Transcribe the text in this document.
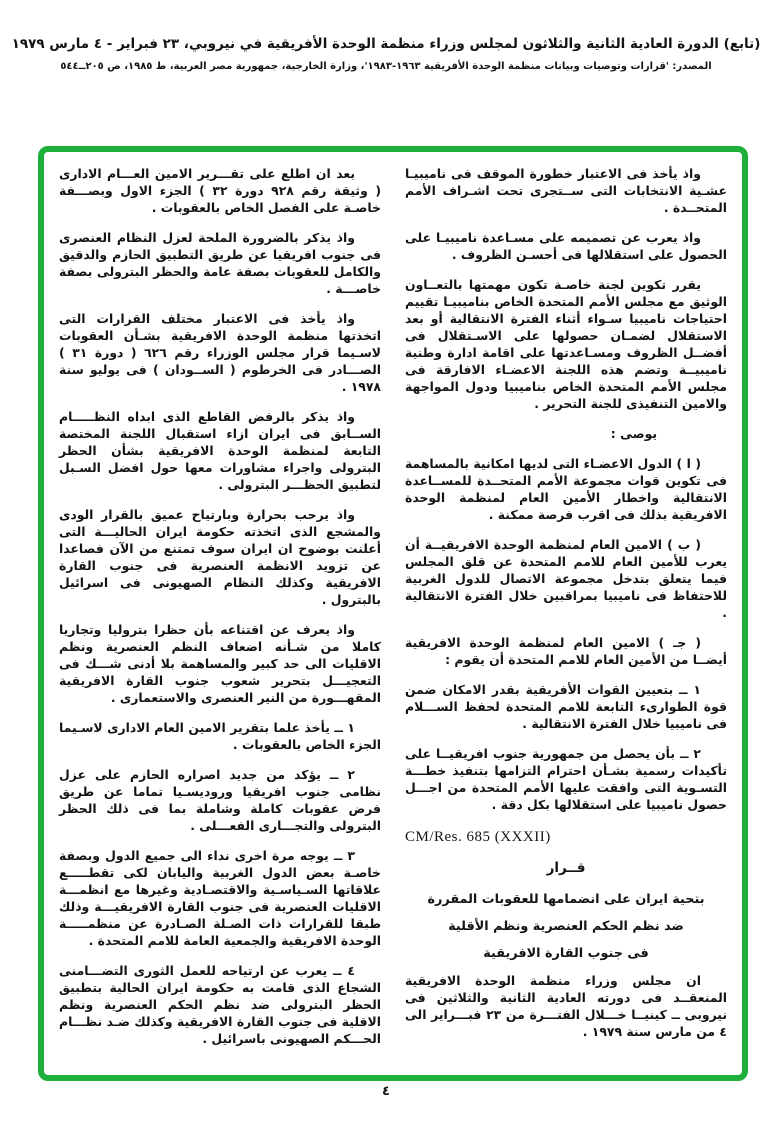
(تابع) الدورة العادية الثانية والثلاثون لمجلس وزراء منظمة الوحدة الأفريقية في نيروبي، ٢٣ فبراير - ٤ مارس ١٩٧٩
المصدر: 'قرارات وتوصيات وبيانات منظمة الوحدة الأفريقية ١٩٦٣-١٩٨٣'، وزارة الخارجية، جمهورية مصر العربية، ط ١٩٨٥، ص ٢٠٥ــ٥٤٤

واذ يأخذ فى الاعتبار خطورة الموقف فى ناميبيـا عشـية الانتخابات التى ســتجرى تحت اشـراف الأمم المتحــدة .

واذ يعرب عن تصميمه على مسـاعدة ناميبيـا على الحصول على استقلالها فى أحسـن الظروف .

يقرر تكوين لجنة خاصـة تكون مهمتها بالتعــاون الوثيق مع مجلس الأمم المتحدة الخاص بناميبيـا تقييم احتياجات ناميبيا سـواء أثناء الفترة الانتقالية أو بعد الاستقلال لضمـان حصولها على الاسـتقلال فى أفضــل الظروف ومسـاعدتها على اقامة ادارة وطنية ناميبيــة وتضم هذه اللجنة الاعضـاء الافارقة فى مجلس الأمم المتحدة الخاص بناميبيا ودول المواجهة والامين التنفيذى للجنة التحرير .

يوصى :

( ا ) الدول الاعضـاء التى لديها امكانية بالمساهمة فى تكوين قوات مجموعة الأمم المتحــدة للمســاعدة الانتقالية واخطار الأمين العام لمنظمة الوحدة الافريقية بذلك فى اقرب فرصة ممكنة .

( ب ) الامين العام لمنظمة الوحدة الافريقيــة أن يعرب للأمين العام للامم المتحدة عن قلق المجلس فيما يتعلق بتدخل مجموعة الاتصال للدول الغربية للاحتفاظ فى ناميبيا بمراقبين خلال الفترة الانتقالية .

( جـ ) الامين العام لمنظمة الوحدة الافريقية أيضــا من الأمين العام للامم المتحدة أن يقوم :

١ ــ بتعيين القوات الأفريقية بقدر الامكان ضمن قوة الطوارىء التابعة للامم المتحدة لحفظ الســـلام فى ناميبيا خلال الفترة الانتقالية .

٢ ــ بأن يحصل من جمهورية جنوب افريقيــا على تأكيدات رسمية بشـأن احترام التزامها بتنفيذ خطـــة التسـوية التى وافقت عليها الأمم المتحدة من اجـــل حصول ناميبيا على استقلالها بكل دقة .

CM/Res. 685 (XXXII)

قــرار

بتحية ايران على انضمامها للعقوبات المقررة

ضد نظم الحكم العنصرية ونظم الأقلية

فى جنوب القارة الافريقية

ان مجلس وزراء منظمة الوحدة الافريقية المنعقــد فى دورته العادية الثانية والثلاثين فى نيروبى ــ كينيــا خـــلال الفتـــرة من ٢٣ فبـــراير الى ٤ من مارس سنة ١٩٧٩ .

بعد ان اطلع على تقـــرير الامين العـــام الادارى ( وثيقة رقم ٩٢٨ دورة ٣٢ ) الجزء الاول وبصـــفة خاصـة على الفصل الخاص بالعقوبات .

واذ يذكر بالضرورة الملحة لعزل النظام العنصرى فى جنوب افريقيا عن طريق التطبيق الحازم والدقيق والكامل للعقوبات بصفة عامة والحظر البترولى بصفة خاصـــة .

واذ يأخذ فى الاعتبار مختلف القرارات التى اتخذتها منظمة الوحدة الافريقية بشـأن العقوبات لاسـيما قرار مجلس الوزراء رقم ٦٢٦ ( دورة ٣١ ) الصـــادر فى الخرطوم ( الســودان ) فى يوليو سنة ١٩٧٨ .

واذ يذكر بالرفض القاطع الذى ابداه النظـــــام الســابق فى ايران ازاء استقبال اللجنة المختصة التابعة لمنظمة الوحدة الافريقية بشأن الحظر البترولى واجراء مشاورات معها حول افضل السـبل لتطبيق الحظـــر البترولى .

واذ يرحب بحرارة وبارتياح عميق بالقرار الودى والمشجع الذى اتخذته حكومة ايران الحاليـــة التى أعلنت بوضوح ان ايران سوف تمتنع من الآن فصاعدا عن تزويد الانظمة العنصرية فى جنوب القارة الافريقية وكذلك النظام الصهيونى فى اسرائيل بالبترول .

واذ يعرف عن اقتناعه بأن حظرا بتروليا وتجاريا كاملا من شـأنه اضعاف النظم العنصرية ونظم الاقليات الى حد كبير والمساهمة بلا أدنى شـــك فى التعجيـــل بتحرير شعوب جنوب القارة الافريقية المقهـــورة من النير العنصرى والاستعمارى .

١ ــ يأخذ علما بتقرير الامين العام الادارى لاسـيما الجزء الخاص بالعقوبات .

٢ ــ يؤكد من جديد اصراره الحازم على عزل نظامى جنوب افريقيا وروديسـيا تماما عن طريق فرض عقوبات كاملة وشاملة بما فى ذلك الحظر البترولى والتجـــارى الفعـــلى .

٣ ــ يوجه مرة اخرى نداء الى جميع الدول وبصفة خاصـة بعض الدول الغربية واليابان لكى تقطـــــع علاقاتها السـياسـية والاقتصـادية وغيرها مع انظمـــة الاقليات العنصرية فى جنوب القارة الافريقيـــة وذلك طبقا للقرارات ذات الصـلة الصـادرة عن منظمـــــة الوحدة الافريقية والجمعية العامة للامم المتحدة .

٤ ــ يعرب عن ارتياحه للعمل الثورى التضـــامنى الشجاع الذى قامت به حكومة ايران الحالية بتطبيق الحظر البترولى ضد نظم الحكم العنصرية ونظم الاقلية فى جنوب القارة الافريقية وكذلك ضـد نظـــام الحـــكم الصهيونى باسرائيل .

٤
